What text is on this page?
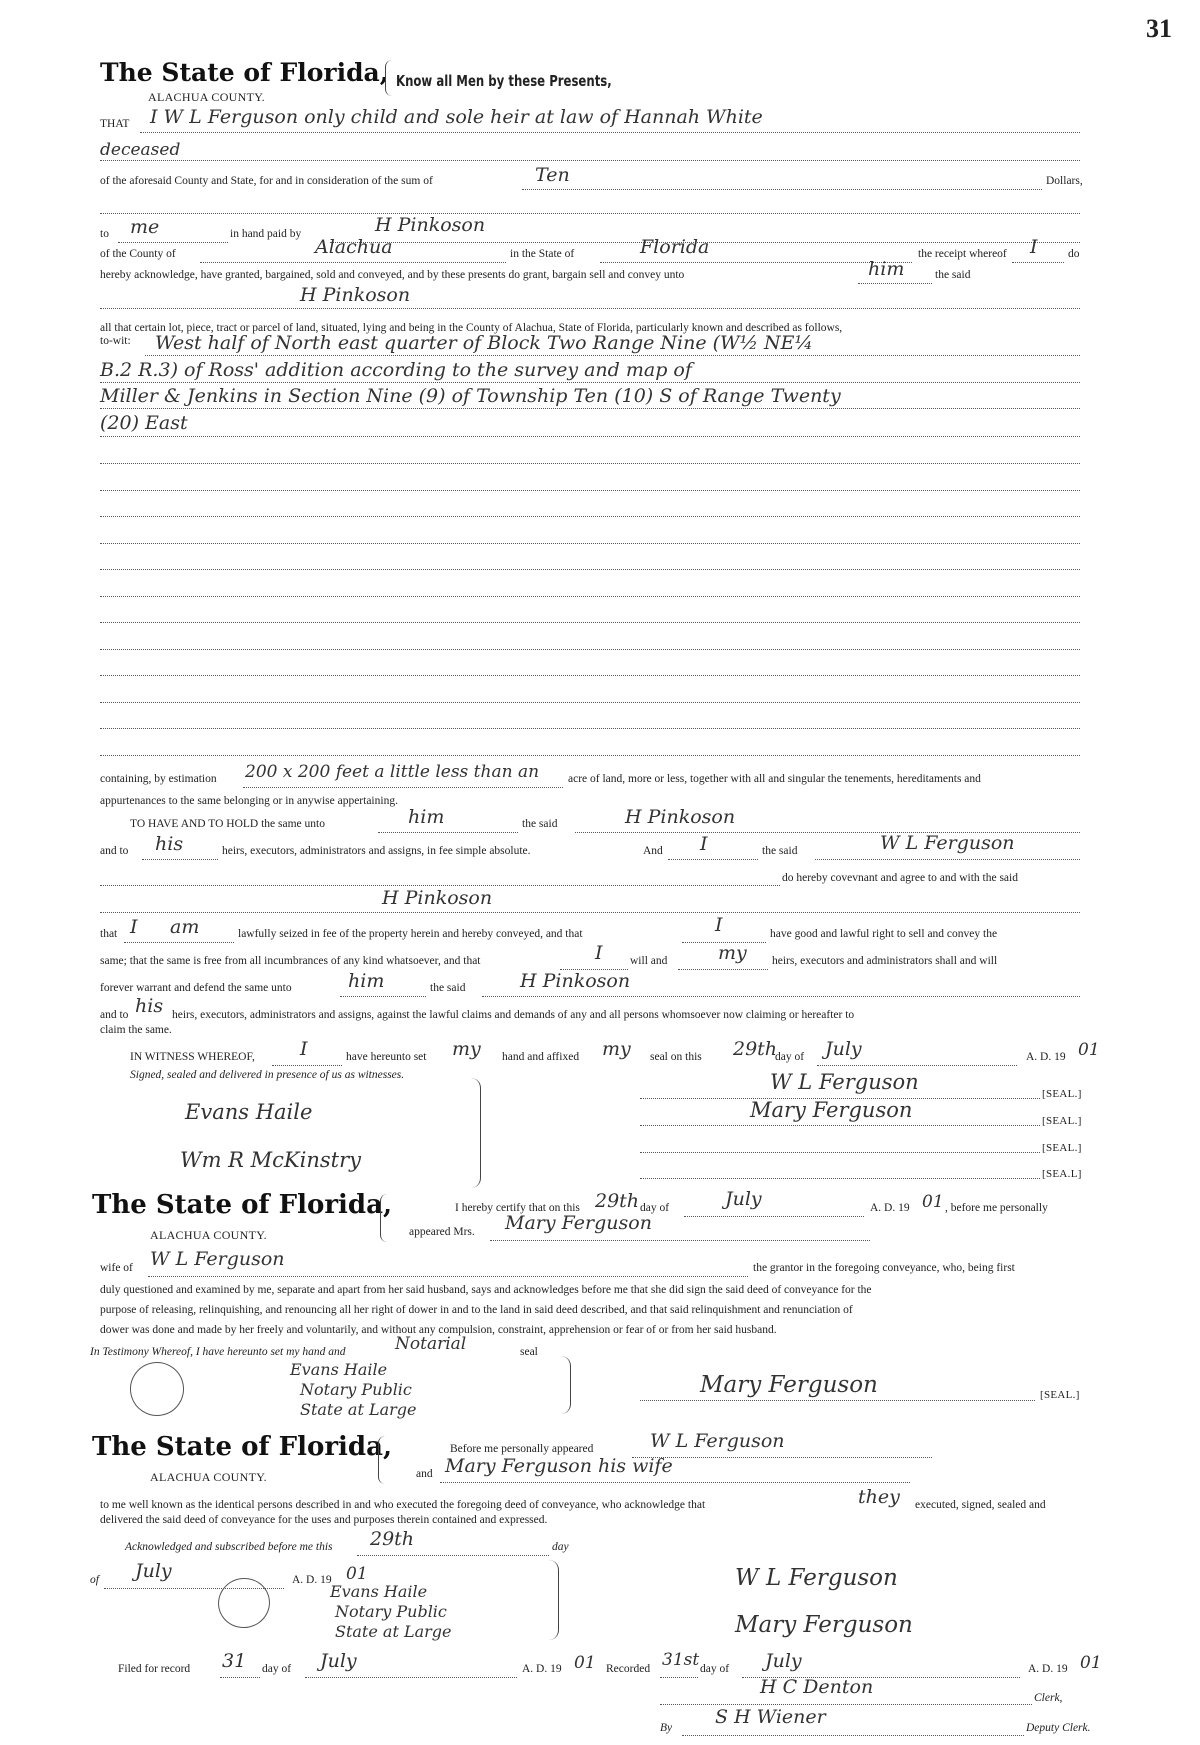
31
The State of Florida, Know all Men by these Presents,
ALACHUA COUNTY.
THAT I W L Ferguson only child and sole heir at law of Hannah White
deceased
of the aforesaid County and State, for and in consideration of the sum of	Ten	Dollars,
to me	in hand paid by	H Pinkoson
of the County of	Alachua	in the State of	Florida	the receipt whereof I	do
hereby acknowledge, have granted, bargained, sold and conveyed, and by these presents do grant, bargain sell and convey unto	him	the said
H Pinkoson
all that certain lot, piece, tract or parcel of land, situated, lying and being in the County of Alachua, State of Florida, particularly known and described as follows,
to-wit: West half of North east quarter of Block Two Range Nine (W½ NE¼
B.2 R.3) of Ross' addition according to the survey and map of
Miller & Jenkins in Section Nine (9) of Township Ten (10) S of Range Twenty
(20) East
containing, by estimation 200 x 200 feet a little less than an	acre of land, more or less, together with all and singular the tenements, hereditaments and
appurtenances to the same belonging or in anywise appertaining.
TO HAVE AND TO HOLD the same unto	him	the said	H Pinkoson
and to his	heirs, executors, administrators and assigns, in fee simple absolute.	And I	the said	W L Ferguson
do hereby covevnant and agree to and with the said
H Pinkoson
that I am	lawfully seized in fee of the property herein and hereby conveyed, and that	I	have good and lawful right to sell and convey the
same; that the same is free from all incumbrances of any kind whatsoever, and that	I will and	my heirs, executors and administrators shall and will
forever warrant and defend the same unto	him	the said	H Pinkoson
and to his heirs, executors, administrators and assigns, against the lawful claims and demands of any and all persons whomsoever now claiming or hereafter to
claim the same.
IN WITNESS WHEREOF, I	have hereunto set my hand and affixed my seal on this 29th
day of July	A. D. 19 01
Signed, sealed and delivered in presence of us as witnesses.
Evans Haile
Wm R McKinstry
W L Ferguson	[SEAL.]
Mary Ferguson	[SEAL.]
[SEAL.]
[SEA.L]
The State of Florida,
ALACHUA COUNTY.
I hereby certify that on this 29th day of	July	A. D. 19 01 , before me personally
appeared Mrs. Mary Ferguson
wife of W L Ferguson	the grantor in the foregoing conveyance, who, being first
duly questioned and examined by me, separate and apart from her said husband, says and acknowledges before me that she did sign the said deed of conveyance for the
purpose of releasing, relinquishing, and renouncing all her right of dower in and to the land in said deed described, and that said relinquishment and renunciation of
dower was done and made by her freely and voluntarily, and without any compulsion, constraint, apprehension or fear of or from her said husband.
In Testimony Whereof, I have hereunto set my hand and	Notarial	seal
Evans Haile
Notary Public
State at Large
Mary Ferguson	[SEAL.]
The State of Florida,
ALACHUA COUNTY.
Before me personally appeared	W L Ferguson
and Mary Ferguson his wife
to me well known as the identical persons described in and who executed the foregoing deed of conveyance, who acknowledge that	they executed, signed, sealed and
delivered the said deed of conveyance for the uses and purposes therein contained and expressed.
Acknowledged and subscribed before me this 29th	day
of July	A. D. 19 01
Evans Haile
Notary Public
State at Large
W L Ferguson
Mary Ferguson
Filed for record 31 day of July	A. D. 19 01 Recorded 31st day of July	A. D. 19 01
H C Denton	Clerk,
By S H Wiener	Deputy Clerk.
